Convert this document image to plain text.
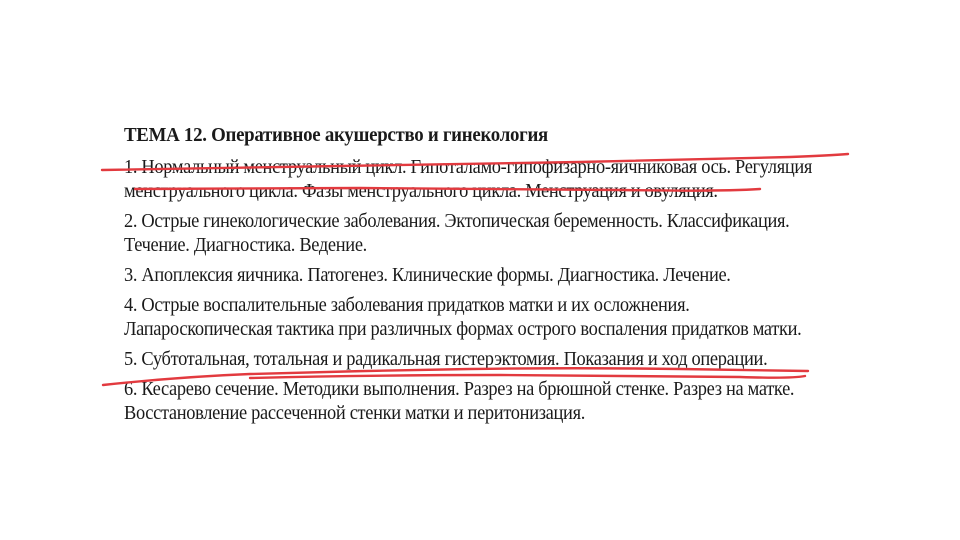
ТЕМА 12. Оперативное акушерство и гинекология
1. Нормальный менструальный цикл. Гипоталамо-гипофизарно-яичниковая ось. Регуляция
менструального цикла. Фазы менструального цикла. Менструация и овуляция.
2. Острые гинекологические заболевания. Эктопическая беременность. Классификация.
Течение. Диагностика. Ведение.
3. Апоплексия яичника. Патогенез. Клинические формы. Диагностика. Лечение.
4. Острые воспалительные заболевания придатков матки и их осложнения.
Лапароскопическая тактика при различных формах острого воспаления придатков матки.
5. Субтотальная, тотальная и радикальная гистерэктомия. Показания и ход операции.
6. Кесарево сечение. Методики выполнения. Разрез на брюшной стенке. Разрез на матке.
Восстановление рассеченной стенки матки и перитонизация.
